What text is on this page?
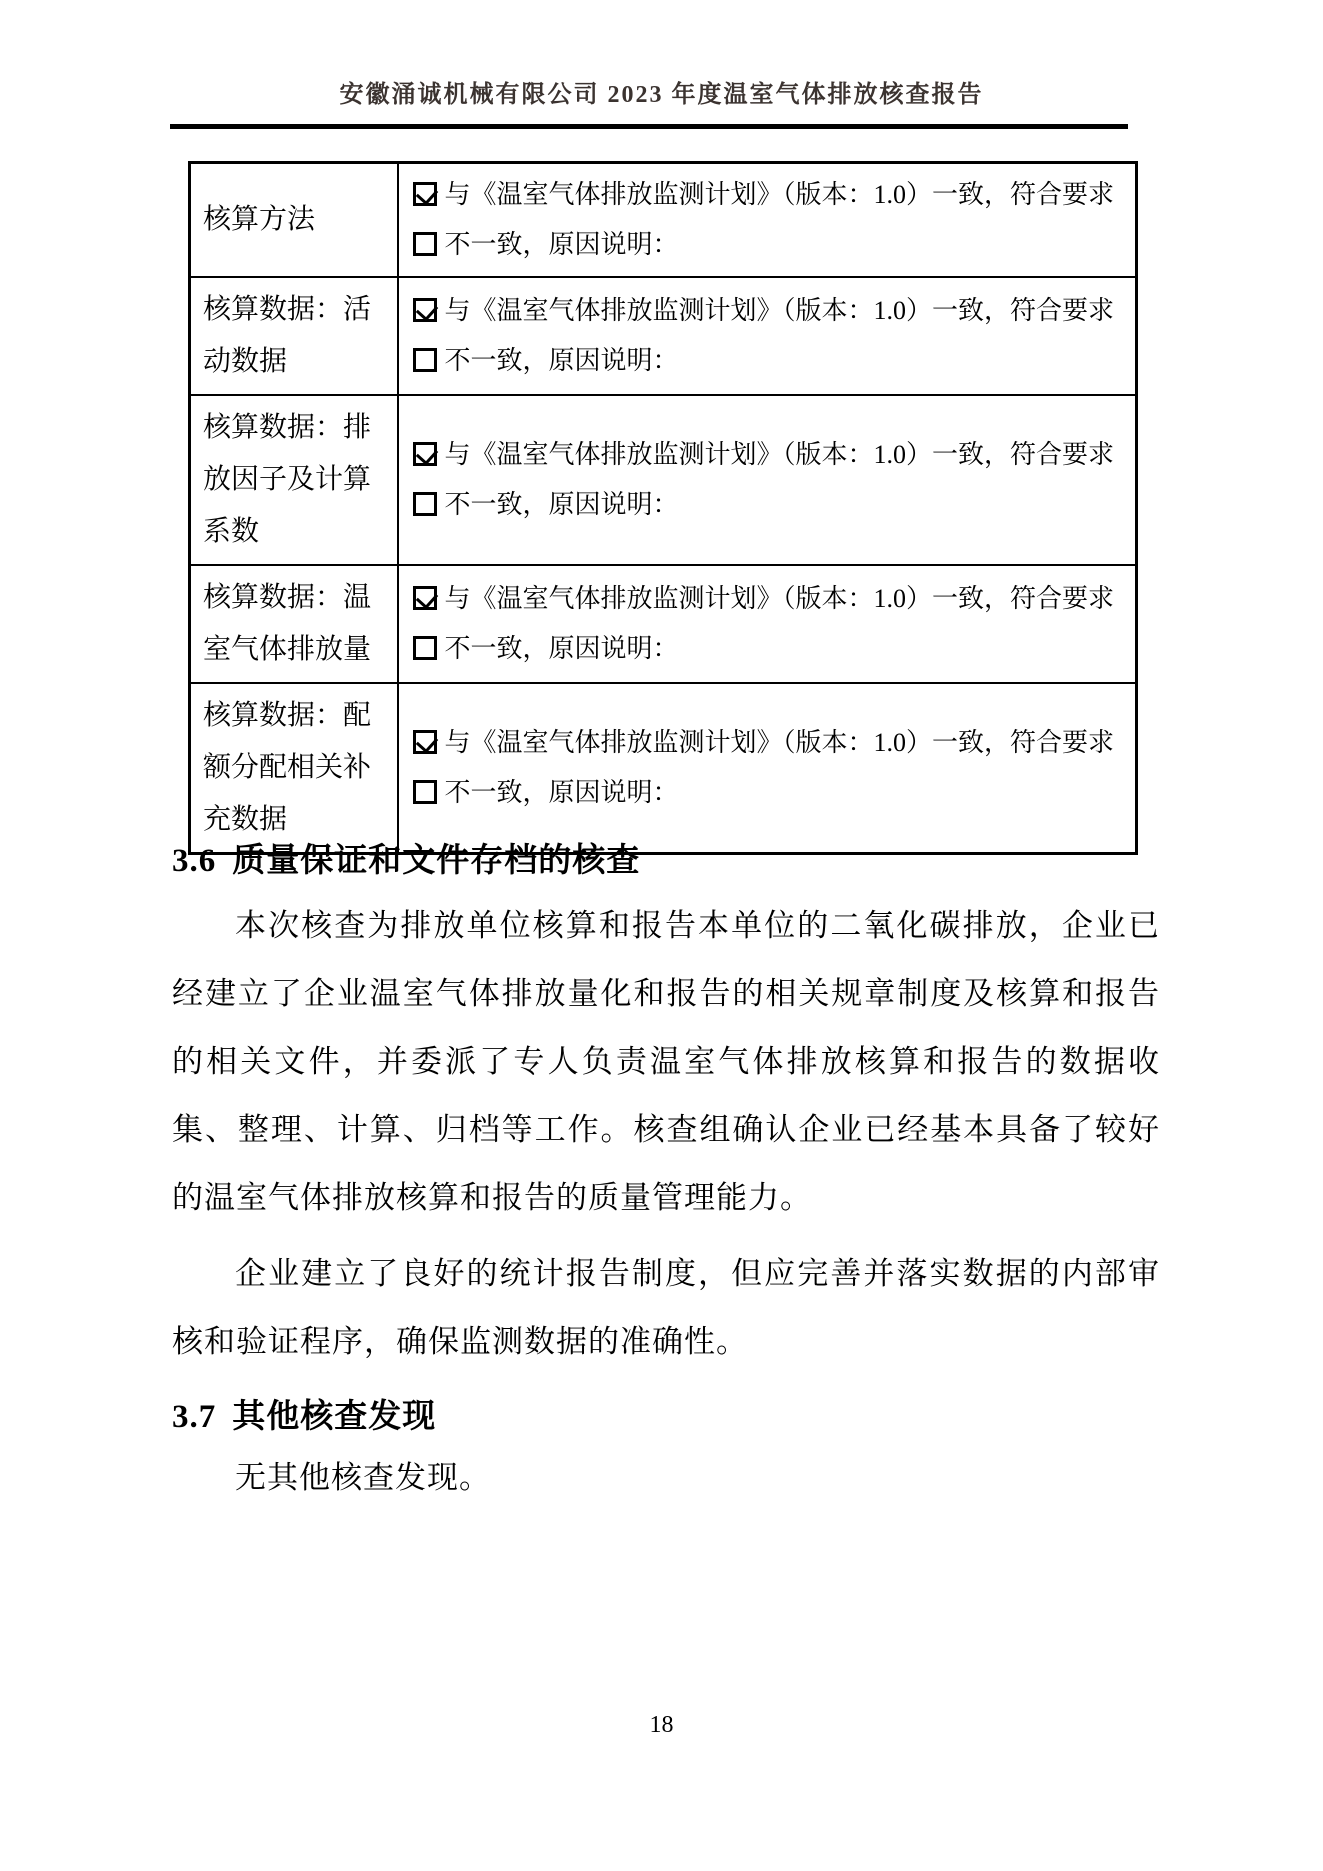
安徽涌诚机械有限公司 2023 年度温室气体排放核查报告
核算方法	与《温室气体排放监测计划》（版本：1.0）一致，符合要求
不一致，原因说明：

核算数据：活动数据	与《温室气体排放监测计划》（版本：1.0）一致，符合要求
不一致，原因说明：

核算数据：排放因子及计算系数	与《温室气体排放监测计划》（版本：1.0）一致，符合要求
不一致，原因说明：

核算数据：温室气体排放量	与《温室气体排放监测计划》（版本：1.0）一致，符合要求
不一致，原因说明：

核算数据：配额分配相关补充数据	与《温室气体排放监测计划》（版本：1.0）一致，符合要求
不一致，原因说明：
3.6 质量保证和文件存档的核查

本次核查为排放单位核算和报告本单位的二氧化碳排放，企业已经建立了企业温室气体排放量化和报告的相关规章制度及核算和报告的相关文件，并委派了专人负责温室气体排放核算和报告的数据收集、整理、计算、归档等工作。核查组确认企业已经基本具备了较好的温室气体排放核算和报告的质量管理能力。

企业建立了良好的统计报告制度，但应完善并落实数据的内部审核和验证程序，确保监测数据的准确性。

3.7 其他核查发现

无其他核查发现。

18
